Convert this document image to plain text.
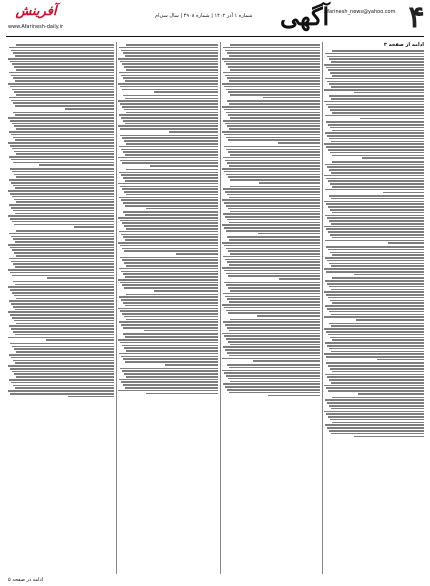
۴
Afarinesh_news@yahoo.com
آگهی
شماره ۱ آذر ۱۴۰۲ | شماره ۴۹۰۸ | سال سی‌ام
www.Afarinesh-daily.ir
آفرینش
ادامه از صفحه ۳
ادامه در صفحه ۵
